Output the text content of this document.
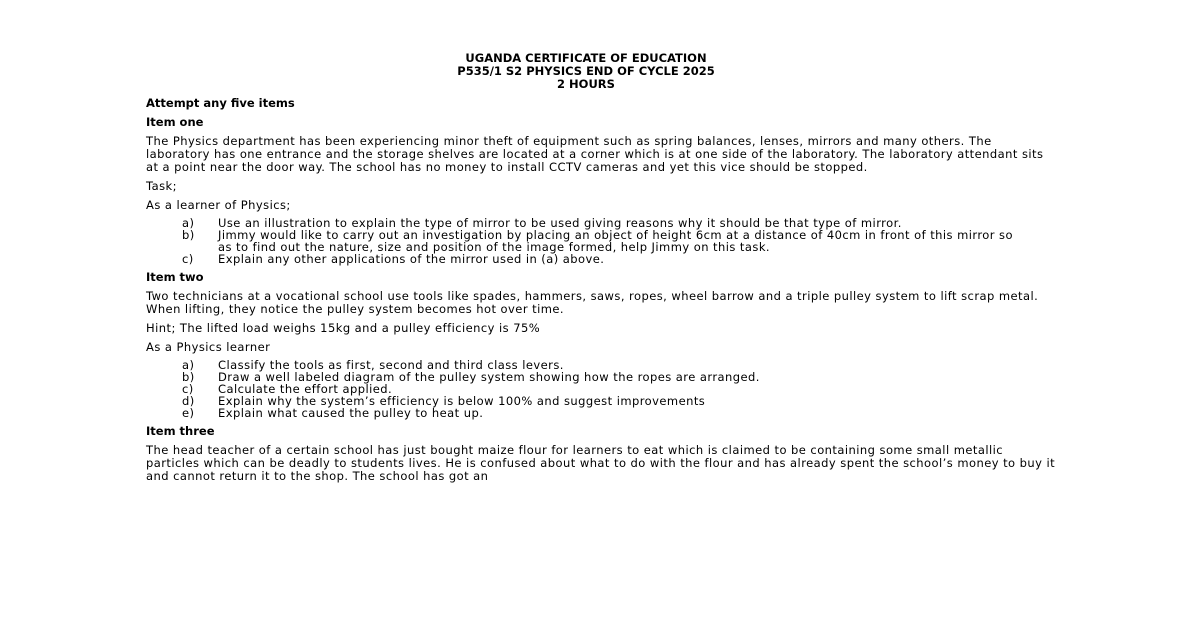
UGANDA CERTIFICATE OF EDUCATION
P535/1 S2 PHYSICS END OF CYCLE 2025
2 HOURS
Attempt any five items
Item one
The Physics department has been experiencing minor theft of equipment such as spring balances, lenses, mirrors and many others. The laboratory has one entrance and the storage shelves are located at a corner which is at one side of the laboratory. The laboratory attendant sits at a point near the door way. The school has no money to install CCTV cameras and yet this vice should be stopped.
Task;
As a learner of Physics;
a) Use an illustration to explain the type of mirror to be used giving reasons why it should be that type of mirror.
b) Jimmy would like to carry out an investigation by placing an object of height 6cm at a distance of 40cm in front of this mirror so as to find out the nature, size and position of the image formed, help Jimmy on this task.
c) Explain any other applications of the mirror used in (a) above.
Item two
Two technicians at a vocational school use tools like spades, hammers, saws, ropes, wheel barrow and a triple pulley system to lift scrap metal. When lifting, they notice the pulley system becomes hot over time.
Hint; The lifted load weighs 15kg and a pulley efficiency is 75%
As a Physics learner
a) Classify the tools as first, second and third class levers.
b) Draw a well labeled diagram of the pulley system showing how the ropes are arranged.
c) Calculate the effort applied.
d) Explain why the system’s efficiency is below 100% and suggest improvements
e) Explain what caused the pulley to heat up.
Item three
The head teacher of a certain school has just bought maize flour for learners to eat which is claimed to be containing some small metallic particles which can be deadly to students lives. He is confused about what to do with the flour and has already spent the school’s money to buy it and cannot return it to the shop. The school has got an
